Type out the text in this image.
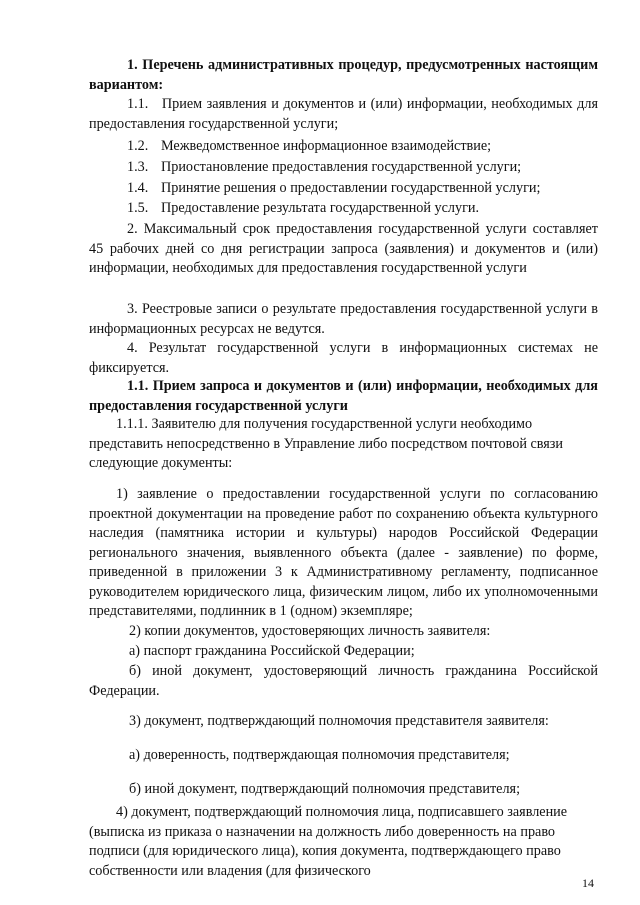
1. Перечень административных процедур, предусмотренных настоящим вариантом:

1.1. Прием заявления и документов и (или) информации, необходимых для предоставления государственной услуги;

1.2. Межведомственное информационное взаимодействие;

1.3. Приостановление предоставления государственной услуги;

1.4. Принятие решения о предоставлении государственной услуги;

1.5. Предоставление результата государственной услуги.

2. Максимальный срок предоставления государственной услуги составляет 45 рабочих дней со дня регистрации запроса (заявления) и документов и (или) информации, необходимых для предоставления государственной услуги

3. Реестровые записи о результате предоставления государственной услуги в информационных ресурсах не ведутся.

4. Результат государственной услуги в информационных системах не фиксируется.

1.1. Прием запроса и документов и (или) информации, необходимых для предоставления государственной услуги

1.1.1. Заявителю для получения государственной услуги необходимо представить непосредственно в Управление либо посредством почтовой связи следующие документы:

1) заявление о предоставлении государственной услуги по согласованию проектной документации на проведение работ по сохранению объекта культурного наследия (памятника истории и культуры) народов Российской Федерации регионального значения, выявленного объекта (далее - заявление) по форме, приведенной в приложении 3 к Административному регламенту, подписанное руководителем юридического лица, физическим лицом, либо их уполномоченными представителями, подлинник в 1 (одном) экземпляре;

2) копии документов, удостоверяющих личность заявителя:

а) паспорт гражданина Российской Федерации;

б) иной документ, удостоверяющий личность гражданина Российской Федерации.

3) документ, подтверждающий полномочия представителя заявителя:

а) доверенность, подтверждающая полномочия представителя;

б) иной документ, подтверждающий полномочия представителя;

4) документ, подтверждающий полномочия лица, подписавшего заявление (выписка из приказа о назначении на должность либо доверенность на право подписи (для юридического лица), копия документа, подтверждающего право собственности или владения (для физического

14
